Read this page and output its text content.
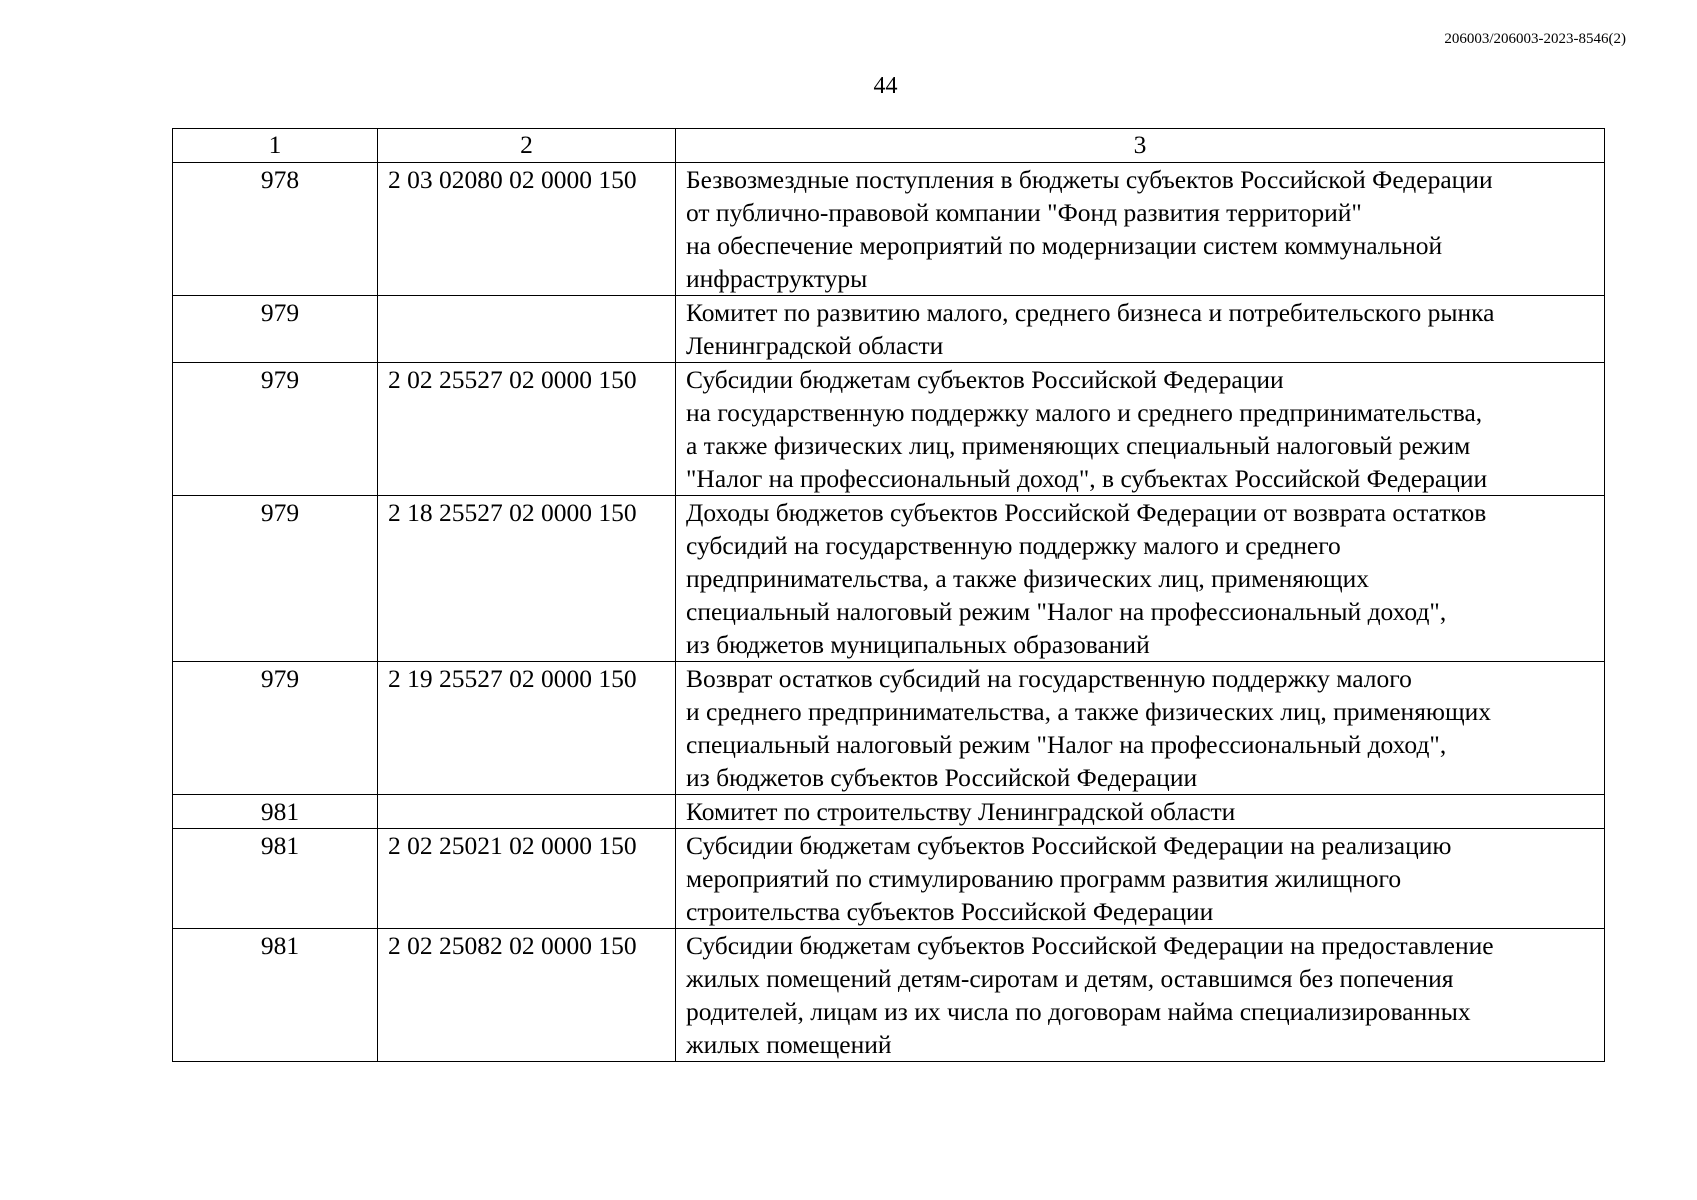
206003/206003-2023-8546(2)
44
1	2	3
978	2 03 02080 02 0000 150	Безвозмездные поступления в бюджеты субъектов Российской Федерации
от публично-правовой компании "Фонд развития территорий"
на обеспечение мероприятий по модернизации систем коммунальной
инфраструктуры

979		Комитет по развитию малого, среднего бизнеса и потребительского рынка
Ленинградской области

979	2 02 25527 02 0000 150	Субсидии бюджетам субъектов Российской Федерации
на государственную поддержку малого и среднего предпринимательства,
а также физических лиц, применяющих специальный налоговый режим
"Налог на профессиональный доход", в субъектах Российской Федерации

979	2 18 25527 02 0000 150	Доходы бюджетов субъектов Российской Федерации от возврата остатков
субсидий на государственную поддержку малого и среднего
предпринимательства, а также физических лиц, применяющих
специальный налоговый режим "Налог на профессиональный доход",
из бюджетов муниципальных образований

979	2 19 25527 02 0000 150	Возврат остатков субсидий на государственную поддержку малого
и среднего предпринимательства, а также физических лиц, применяющих
специальный налоговый режим "Налог на профессиональный доход",
из бюджетов субъектов Российской Федерации

981		Комитет по строительству Ленинградской области

981	2 02 25021 02 0000 150	Субсидии бюджетам субъектов Российской Федерации на реализацию
мероприятий по стимулированию программ развития жилищного
строительства субъектов Российской Федерации

981	2 02 25082 02 0000 150	Субсидии бюджетам субъектов Российской Федерации на предоставление
жилых помещений детям-сиротам и детям, оставшимся без попечения
родителей, лицам из их числа по договорам найма специализированных
жилых помещений
